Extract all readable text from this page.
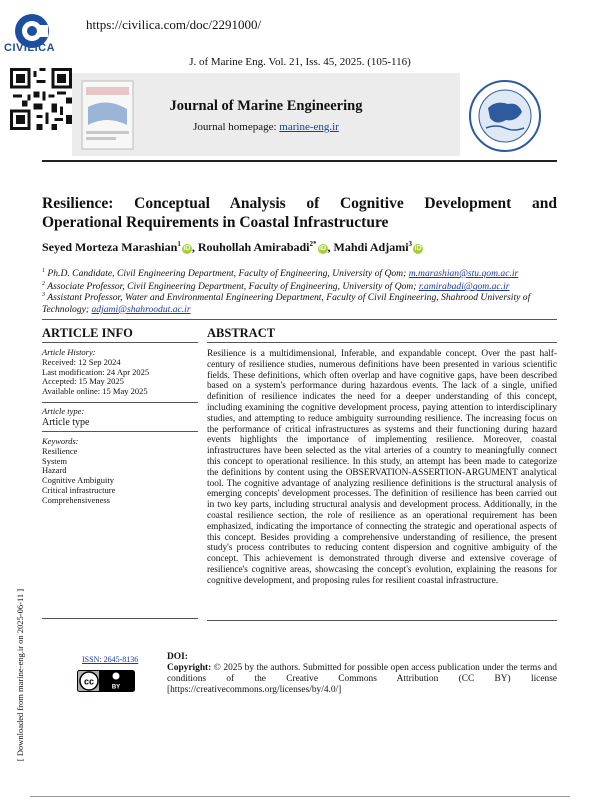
CIVILICA
https://civilica.com/doc/2291000/
J. of Marine Eng. Vol. 21, Iss. 45, 2025. (105-116)
Journal of Marine Engineering
Journal homepage: marine-eng.ir
Resilience: Conceptual Analysis of Cognitive Development and
Operational Requirements in Coastal Infrastructure
Seyed Morteza Marashian$^1$iD , Rouhollah Amirabadi$^{2*}$iD , Mahdi Adjami$^3$iD
$^1$ Ph.D. Candidate, Civil Engineering Department, Faculty of Engineering, University of Qom; m.marashian@stu.qom.ac.ir
$^2$ Associate Professor, Civil Engineering Department, Faculty of Engineering, University of Qom; r.amirabadi@qom.ac.ir
$^3$ Assistant Professor, Water and Environmental Engineering Department, Faculty of Civil Engineering, Shahrood University of Technology; adjami@shahroodut.ac.ir
ARTICLE INFO
Article History:
Received: 12 Sep 2024
Last modification: 24 Apr 2025
Accepted: 15 May 2025
Available online: 15 May 2025
Article type:
Article type
Keywords:
Resilience
System
Hazard
Cognitive Ambiguity
Critical infrastructure
Comprehensiveness
ABSTRACT

Resilience is a multidimensional, Inferable, and expandable concept. Over the past half-century of resilience studies, numerous definitions have been presented in various scientific fields. These definitions, which often overlap and have cognitive gaps, have been described based on a system's performance during hazardous events. The lack of a single, unified definition of resilience indicates the need for a deeper understanding of this concept, including examining the cognitive development process, paying attention to interdisciplinary studies, and attempting to reduce ambiguity surrounding resilience. The increasing focus on the performance of critical infrastructures as systems and their functioning during hazard events highlights the importance of implementing resilience. Moreover, coastal infrastructures have been selected as the vital arteries of a country to meaningfully connect this concept to operational resilience. In this study, an attempt has been made to categorize the definitions by content using the OBSERVATION-ASSERTION-ARGUMENT analytical tool. The cognitive advantage of analyzing resilience definitions is the structural analysis of emerging concepts' development processes. The definition of resilience has been carried out in two key parts, including structural analysis and development process. Additionally, in the coastal resilience section, the role of resilience as an operational requirement has been emphasized, indicating the importance of connecting the strategic and operational aspects of this concept. Besides providing a comprehensive understanding of resilience, the present study's process contributes to reducing content dispersion and cognitive ambiguity of the concept. This achievement is demonstrated through diverse and extensive coverage of resilience's cognitive areas, showcasing the concept's evolution, explaining the reasons for cognitive development, and proposing rules for resilient coastal infrastructure.

ISSN: 2645-8136
cc
BY
DOI:
Copyright: © 2025 by the authors. Submitted for possible open access publication under the terms and conditions of the Creative Commons Attribution (CC BY) license [https://creativecommons.org/licenses/by/4.0/]
[ Downloaded from marine-eng.ir on 2025-06-11 ]
